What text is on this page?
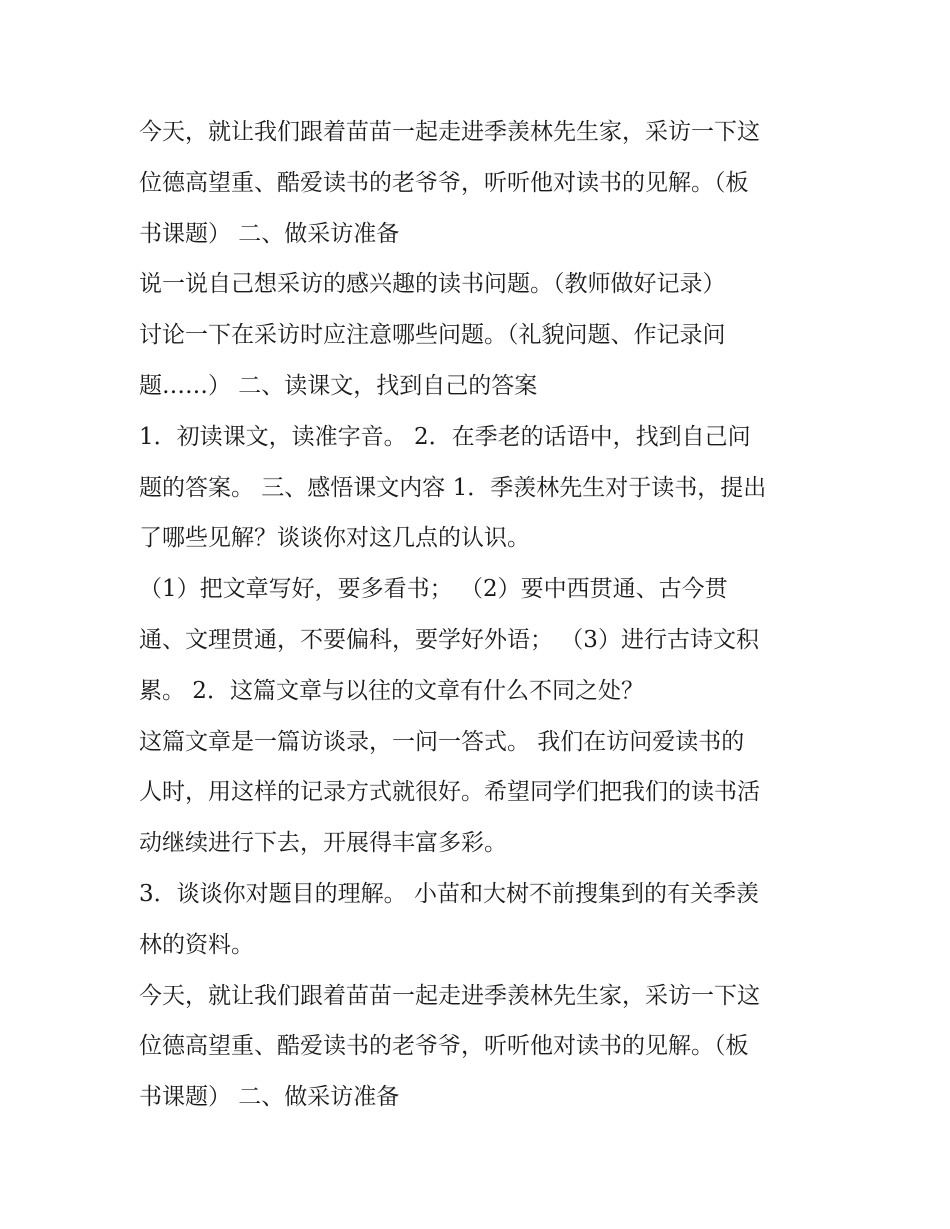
今天，就让我们跟着苗苗一起走进季羡林先生家，采访一下这
位德高望重、酷爱读书的老爷爷，听听他对读书的见解。（板
书课题） 二、做采访准备
说一说自己想采访的感兴趣的读书问题。（教师做好记录）
讨论一下在采访时应注意哪些问题。（礼貌问题、作记录问
题……） 二、读课文，找到自己的答案
1．初读课文，读准字音。 2．在季老的话语中，找到自己问
题的答案。 三、感悟课文内容 1．季羡林先生对于读书，提出
了哪些见解？谈谈你对这几点的认识。
（1）把文章写好，要多看书； （2）要中西贯通、古今贯
通、文理贯通，不要偏科，要学好外语； （3）进行古诗文积
累。 2．这篇文章与以往的文章有什么不同之处？
这篇文章是一篇访谈录，一问一答式。 我们在访问爱读书的
人时，用这样的记录方式就很好。希望同学们把我们的读书活
动继续进行下去，开展得丰富多彩。
3．谈谈你对题目的理解。 小苗和大树不前搜集到的有关季羡
林的资料。
今天，就让我们跟着苗苗一起走进季羡林先生家，采访一下这
位德高望重、酷爱读书的老爷爷，听听他对读书的见解。（板
书课题） 二、做采访准备
